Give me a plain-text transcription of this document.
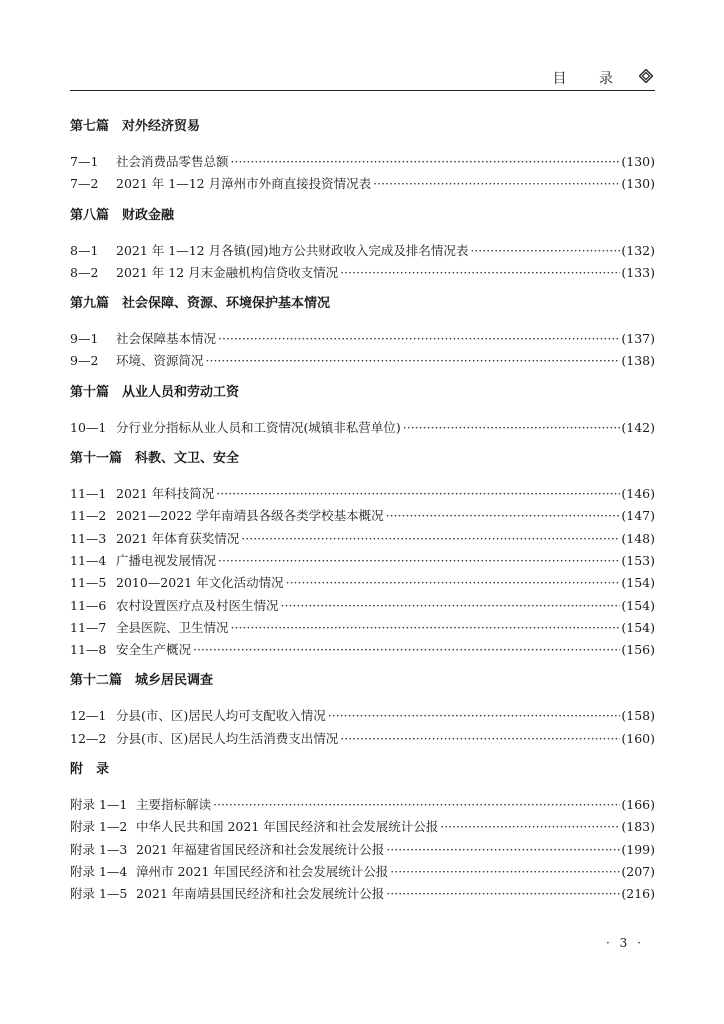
目 录
第七篇　对外经济贸易
7—1	社会消费品零售总额 ·····	(130)
7—2	2021 年 1—12 月漳州市外商直接投资情况表 ·····	(130)
第八篇　财政金融
8—1	2021 年 1—12 月各镇(园)地方公共财政收入完成及排名情况表 ·····	(132)
8—2	2021 年 12 月末金融机构信贷收支情况 ·····	(133)
第九篇　社会保障、资源、环境保护基本情况
9—1	社会保障基本情况 ·····	(137)
9—2	环境、资源简况 ·····	(138)
第十篇　从业人员和劳动工资
10—1 分行业分指标从业人员和工资情况(城镇非私营单位) ·····	(142)
第十一篇　科教、文卫、安全
11—1 2021 年科技简况 ·····	(146)
11—2 2021—2022 学年南靖县各级各类学校基本概况 ·····	(147)
11—3 2021 年体育获奖情况 ·····	(148)
11—4 广播电视发展情况 ·····	(153)
11—5 2010—2021 年文化活动情况 ·····	(154)
11—6 农村设置医疗点及村医生情况 ·····	(154)
11—7 全县医院、卫生情况 ·····	(154)
11—8 安全生产概况 ·····	(156)
第十二篇　城乡居民调查
12—1 分县(市、区)居民人均可支配收入情况 ·····	(158)
12—2 分县(市、区)居民人均生活消费支出情况 ·····	(160)
附　录
附录 1—1 主要指标解读 ·····	(166)
附录 1—2 中华人民共和国 2021 年国民经济和社会发展统计公报 ·····	(183)
附录 1—3 2021 年福建省国民经济和社会发展统计公报 ·····	(199)
附录 1—4 漳州市 2021 年国民经济和社会发展统计公报 ·····	(207)
附录 1—5 2021 年南靖县国民经济和社会发展统计公报 ·····	(216)
· 3 ·
